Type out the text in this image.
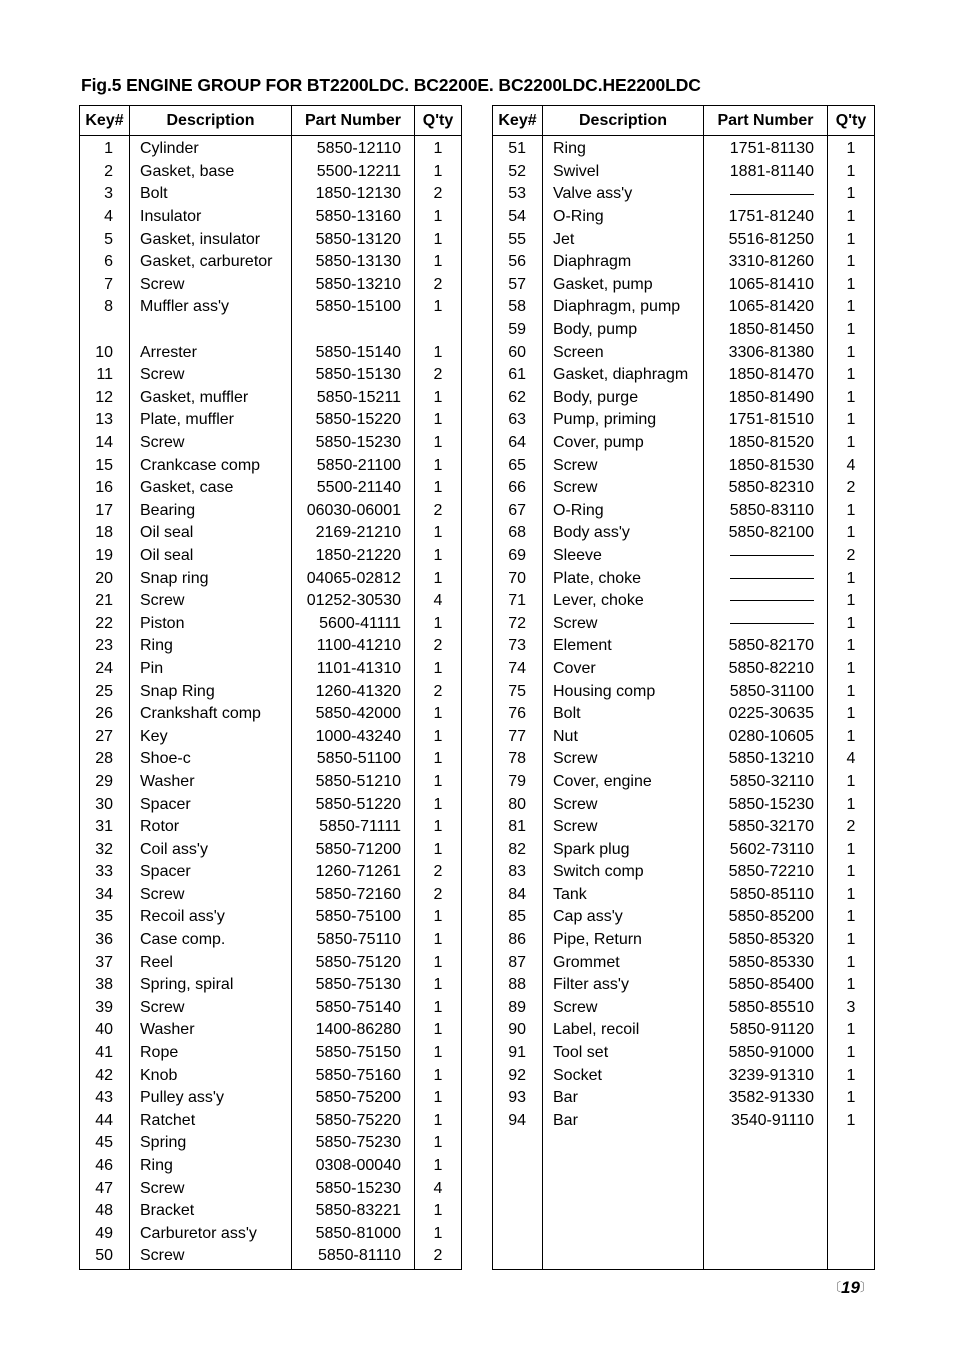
Fig.5 ENGINE GROUP FOR BT2200LDC. BC2200E. BC2200LDC.HE2200LDC
Key#	Description	Part Number	Q'ty
1	Cylinder	5850-12110	1
2	Gasket, base	5500-12211	1
3	Bolt	1850-12130	2
4	Insulator	5850-13160	1
5	Gasket, insulator	5850-13120	1
6	Gasket, carburetor	5850-13130	1
7	Screw	5850-13210	2
8	Muffler ass'y	5850-15100	1

10	Arrester	5850-15140	1
11	Screw	5850-15130	2
12	Gasket, muffler	5850-15211	1
13	Plate, muffler	5850-15220	1
14	Screw	5850-15230	1
15	Crankcase comp	5850-21100	1
16	Gasket, case	5500-21140	1
17	Bearing	06030-06001	2
18	Oil seal	2169-21210	1
19	Oil seal	1850-21220	1
20	Snap ring	04065-02812	1
21	Screw	01252-30530	4
22	Piston	5600-41111	1
23	Ring	1100-41210	2
24	Pin	1101-41310	1
25	Snap Ring	1260-41320	2
26	Crankshaft comp	5850-42000	1
27	Key	1000-43240	1
28	Shoe-c	5850-51100	1
29	Washer	5850-51210	1
30	Spacer	5850-51220	1
31	Rotor	5850-71111	1
32	Coil ass'y	5850-71200	1
33	Spacer	1260-71261	2
34	Screw	5850-72160	2
35	Recoil ass'y	5850-75100	1
36	Case comp.	5850-75110	1
37	Reel	5850-75120	1
38	Spring, spiral	5850-75130	1
39	Screw	5850-75140	1
40	Washer	1400-86280	1
41	Rope	5850-75150	1
42	Knob	5850-75160	1
43	Pulley ass'y	5850-75200	1
44	Ratchet	5850-75220	1
45	Spring	5850-75230	1
46	Ring	0308-00040	1
47	Screw	5850-15230	4
48	Bracket	5850-83221	1
49	Carburetor ass'y	5850-81000	1
50	Screw	5850-81110	2
Key#	Description	Part Number	Q'ty
51	Ring	1751-81130	1
52	Swivel	1881-81140	1
53	Valve ass'y		1
54	O-Ring	1751-81240	1
55	Jet	5516-81250	1
56	Diaphragm	3310-81260	1
57	Gasket, pump	1065-81410	1
58	Diaphragm, pump	1065-81420	1
59	Body, pump	1850-81450	1
60	Screen	3306-81380	1
61	Gasket, diaphragm	1850-81470	1
62	Body, purge	1850-81490	1
63	Pump, priming	1751-81510	1
64	Cover, pump	1850-81520	1
65	Screw	1850-81530	4
66	Screw	5850-82310	2
67	O-Ring	5850-83110	1
68	Body ass'y	5850-82100	1
69	Sleeve		2
70	Plate, choke		1
71	Lever, choke		1
72	Screw		1
73	Element	5850-82170	1
74	Cover	5850-82210	1
75	Housing comp	5850-31100	1
76	Bolt	0225-30635	1
77	Nut	0280-10605	1
78	Screw	5850-13210	4
79	Cover, engine	5850-32110	1
80	Screw	5850-15230	1
81	Screw	5850-32170	2
82	Spark plug	5602-73110	1
83	Switch comp	5850-72210	1
84	Tank	5850-85110	1
85	Cap ass'y	5850-85200	1
86	Pipe, Return	5850-85320	1
87	Grommet	5850-85330	1
88	Filter ass'y	5850-85400	1
89	Screw	5850-85510	3
90	Label, recoil	5850-91120	1
91	Tool set	5850-91000	1
92	Socket	3239-91310	1
93	Bar	3582-91330	1
94	Bar	3540-91110	1

〔19〕
